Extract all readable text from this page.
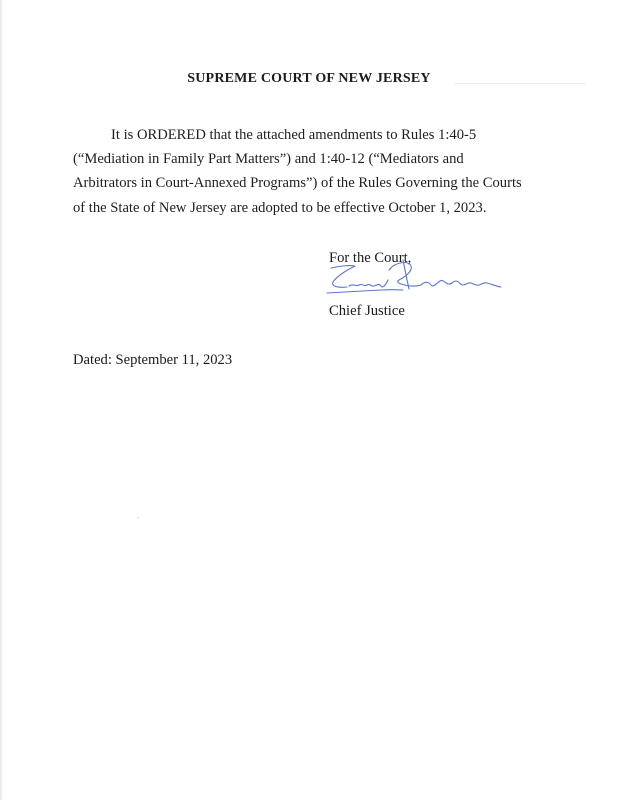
SUPREME COURT OF NEW JERSEY
It is ORDERED that the attached amendments to Rules 1:40-5
(“Mediation in Family Part Matters”) and 1:40-12 (“Mediators and
Arbitrators in Court-Annexed Programs”) of the Rules Governing the Courts
of the State of New Jersey are adopted to be effective October 1, 2023.
For the Court,
Chief Justice
Dated: September 11, 2023
